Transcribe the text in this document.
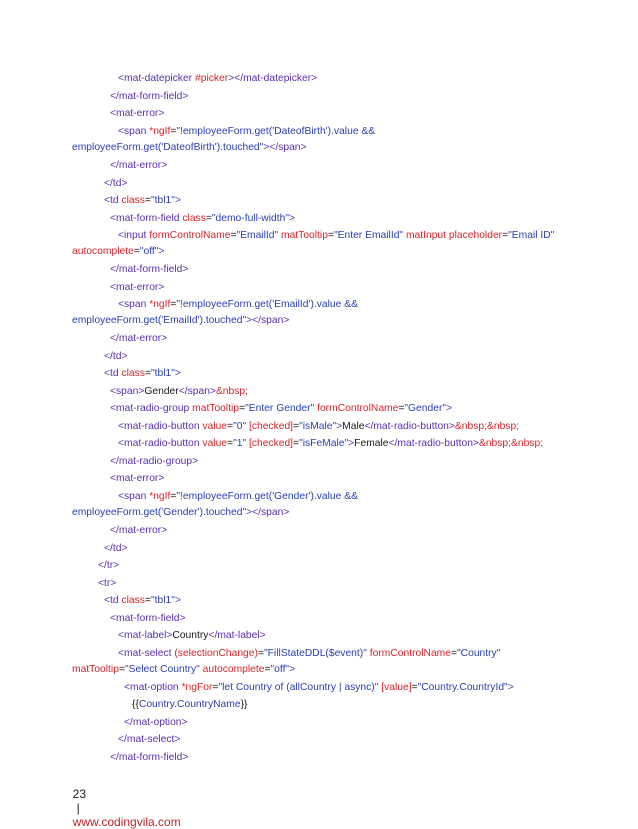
<mat-datepicker #picker></mat-datepicker>
</mat-form-field>
<mat-error>
<span *ngIf="!employeeForm.get('DateofBirth').value &&
employeeForm.get('DateofBirth').touched"></span>
</mat-error>
</td>
<td class="tbl1">
<mat-form-field class="demo-full-width">
<input formControlName="EmailId" matTooltip="Enter EmailId" matInput placeholder="Email ID"
autocomplete="off">
</mat-form-field>
<mat-error>
<span *ngIf="!employeeForm.get('EmailId').value &&
employeeForm.get('EmailId').touched"></span>
</mat-error>
</td>
<td class="tbl1">
<span>Gender</span>&nbsp;
<mat-radio-group matTooltip="Enter Gender" formControlName="Gender">
<mat-radio-button value="0" [checked]="isMale">Male</mat-radio-button>&nbsp;&nbsp;
<mat-radio-button value="1" [checked]="isFeMale">Female</mat-radio-button>&nbsp;&nbsp;
</mat-radio-group>
<mat-error>
<span *ngIf="!employeeForm.get('Gender').value &&
employeeForm.get('Gender').touched"></span>
</mat-error>
</td>
</tr>
<tr>
<td class="tbl1">
<mat-form-field>
<mat-label>Country</mat-label>
<mat-select (selectionChange)="FillStateDDL($event)" formControlName="Country"
matTooltip="Select Country" autocomplete="off">
<mat-option *ngFor="let Country of (allCountry | async)" [value]="Country.CountryId">
{{Country.CountryName}}
</mat-option>
</mat-select>
</mat-form-field>

23
|
www.codingvila.com
